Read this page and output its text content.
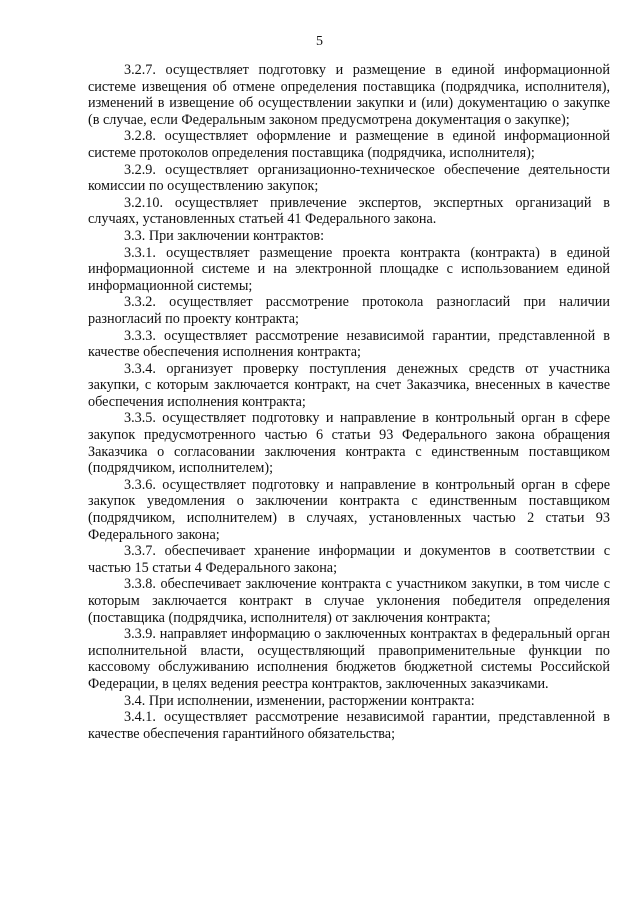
5

3.2.7. осуществляет подготовку и размещение в единой информационной системе извещения об отмене определения поставщика (подрядчика, исполнителя), изменений в извещение об осуществлении закупки и (или) документацию о закупке (в случае, если Федеральным законом предусмотрена документация о закупке);

3.2.8. осуществляет оформление и размещение в единой информационной системе протоколов определения поставщика (подрядчика, исполнителя);

3.2.9. осуществляет организационно-техническое обеспечение деятельности комиссии по осуществлению закупок;

3.2.10. осуществляет привлечение экспертов, экспертных организаций в случаях, установленных статьей 41 Федерального закона.

3.3. При заключении контрактов:

3.3.1. осуществляет размещение проекта контракта (контракта) в единой информационной системе и на электронной площадке с использованием единой информационной системы;

3.3.2. осуществляет рассмотрение протокола разногласий при наличии разногласий по проекту контракта;

3.3.3. осуществляет рассмотрение независимой гарантии, представленной в качестве обеспечения исполнения контракта;

3.3.4. организует проверку поступления денежных средств от участника закупки, с которым заключается контракт, на счет Заказчика, внесенных в качестве обеспечения исполнения контракта;

3.3.5. осуществляет подготовку и направление в контрольный орган в сфере закупок предусмотренного частью 6 статьи 93 Федерального закона обращения Заказчика о согласовании заключения контракта с единственным поставщиком (подрядчиком, исполнителем);

3.3.6. осуществляет подготовку и направление в контрольный орган в сфере закупок уведомления о заключении контракта с единственным поставщиком (подрядчиком, исполнителем) в случаях, установленных частью 2 статьи 93 Федерального закона;

3.3.7. обеспечивает хранение информации и документов в соответствии с частью 15 статьи 4 Федерального закона;

3.3.8. обеспечивает заключение контракта с участником закупки, в том числе с которым заключается контракт в случае уклонения победителя определения (поставщика (подрядчика, исполнителя) от заключения контракта;

3.3.9. направляет информацию о заключенных контрактах в федеральный орган исполнительной власти, осуществляющий правоприменительные функции по кассовому обслуживанию исполнения бюджетов бюджетной системы Российской Федерации, в целях ведения реестра контрактов, заключенных заказчиками.

3.4. При исполнении, изменении, расторжении контракта:

3.4.1. осуществляет рассмотрение независимой гарантии, представленной в качестве обеспечения гарантийного обязательства;
